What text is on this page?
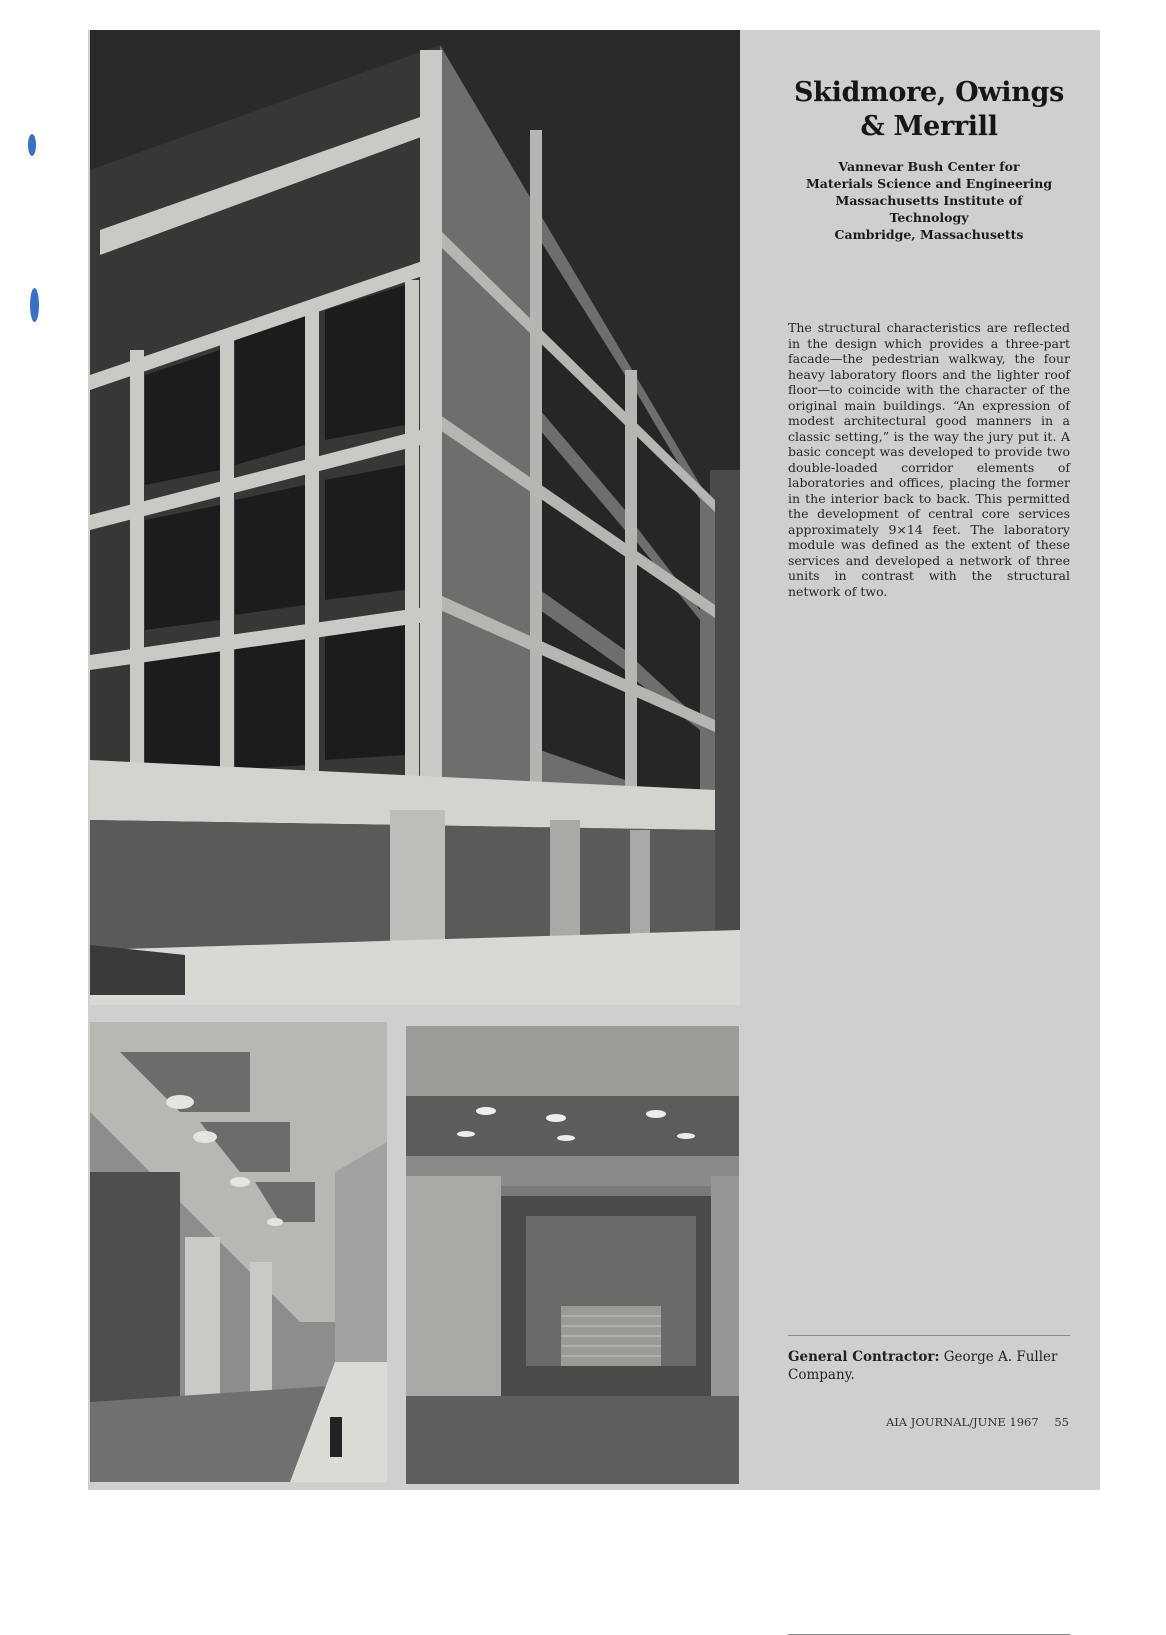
Skidmore, Owings & Merrill
Vannevar Bush Center for
Materials Science and Engineering
Massachusetts Institute of
Technology
Cambridge, Massachusetts

The structural characteristics are reflected in the design which provides a three-part facade—the pedestrian walkway, the four heavy laboratory floors and the lighter roof floor—to coincide with the character of the original main buildings. “An expression of modest architectural good manners in a classic setting,” is the way the jury put it. A basic concept was developed to provide two double-loaded corridor elements of laboratories and offices, placing the former in the interior back to back. This permitted the development of central core services approximately 9×14 feet. The laboratory module was defined as the extent of these services and developed a network of three units in contrast with the structural network of two.

General Contractor: George A. Fuller Company.
AIA JOURNAL/JUNE 1967 55
